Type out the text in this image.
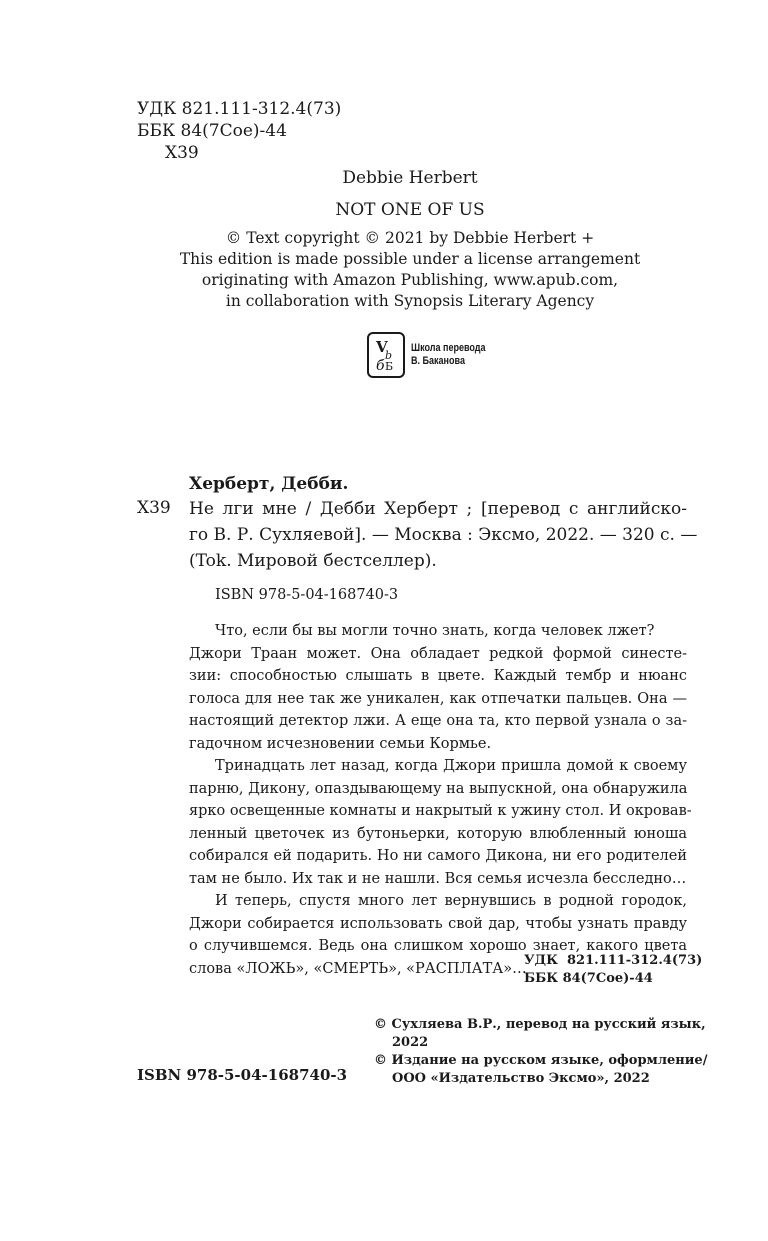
УДК 821.111-312.4(73)
ББК 84(7Сое)-44

Х39
Debbie Herbert
NOT ONE OF US
© Text copyright © 2021 by Debbie Herbert +
This edition is made possible under a license arrangement
originating with Amazon Publishing, www.apub.com,
in collaboration with Synopsis Literary Agency
V
b
б Б
Школа перевода
В. Баканова
Херберт, Дебби.
Х39 Не лги мне / Дебби Херберт ; [перевод с английско-
го В. Р. Сухляевой]. — Москва : Эксмо, 2022. — 320 с. —
(Tok. Мировой бестселлер).
ISBN 978-5-04-168740-3
Что, если бы вы могли точно знать, когда человек лжет?
Джори Траан может. Она обладает редкой формой синесте-
зии: способностью слышать в цвете. Каждый тембр и нюанс
голоса для нее так же уникален, как отпечатки пальцев. Она —
настоящий детектор лжи. А еще она та, кто первой узнала о за-
гадочном исчезновении семьи Кормье.
Тринадцать лет назад, когда Джори пришла домой к своему
парню, Дикону, опаздывающему на выпускной, она обнаружила
ярко освещенные комнаты и накрытый к ужину стол. И окровав-
ленный цветочек из бутоньерки, которую влюбленный юноша
собирался ей подарить. Но ни самого Дикона, ни его родителей
там не было. Их так и не нашли. Вся семья исчезла бесследно…
И теперь, спустя много лет вернувшись в родной городок,
Джори собирается использовать свой дар, чтобы узнать правду
о случившемся. Ведь она слишком хорошо знает, какого цвета
слова «ЛОЖЬ», «СМЕРТЬ», «РАСПЛАТА»…
УДК  821.111-312.4(73)
ББК 84(7Сое)-44
© Сухляева В.Р., перевод на русский язык,
2022
© Издание на русском языке, оформление/
ООО «Издательство Эксмо», 2022
ISBN 978-5-04-168740-3
